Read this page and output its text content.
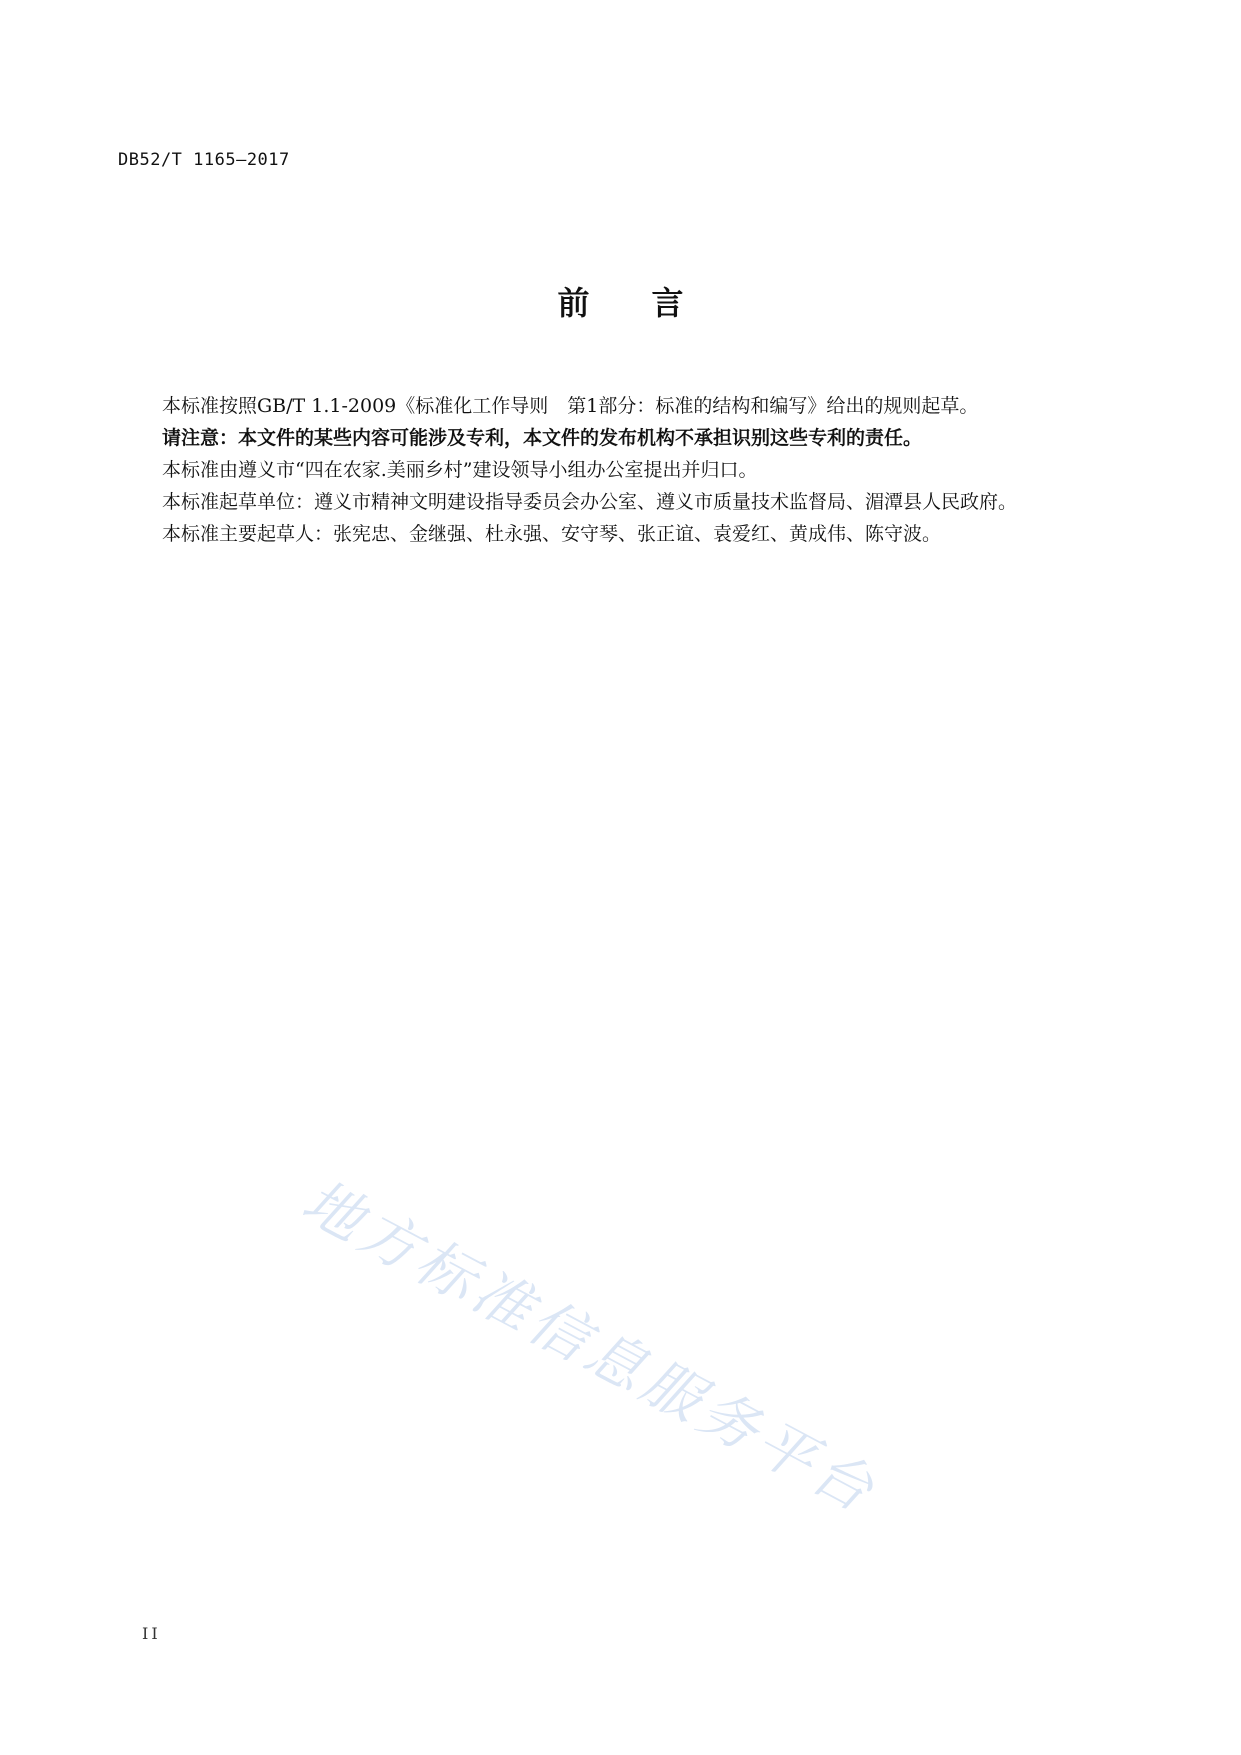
DB52/T 1165—2017
前言

本标准按照GB/T 1.1-2009《标准化工作导则　第1部分：标准的结构和编写》给出的规则起草。

请注意：本文件的某些内容可能涉及专利，本文件的发布机构不承担识别这些专利的责任。

本标准由遵义市“四在农家.美丽乡村”建设领导小组办公室提出并归口。

本标准起草单位：遵义市精神文明建设指导委员会办公室、遵义市质量技术监督局、湄潭县人民政府。

本标准主要起草人：张宪忠、金继强、杜永强、安守琴、张正谊、袁爱红、黄成伟、陈守波。

地方标准信息服务平台
II
